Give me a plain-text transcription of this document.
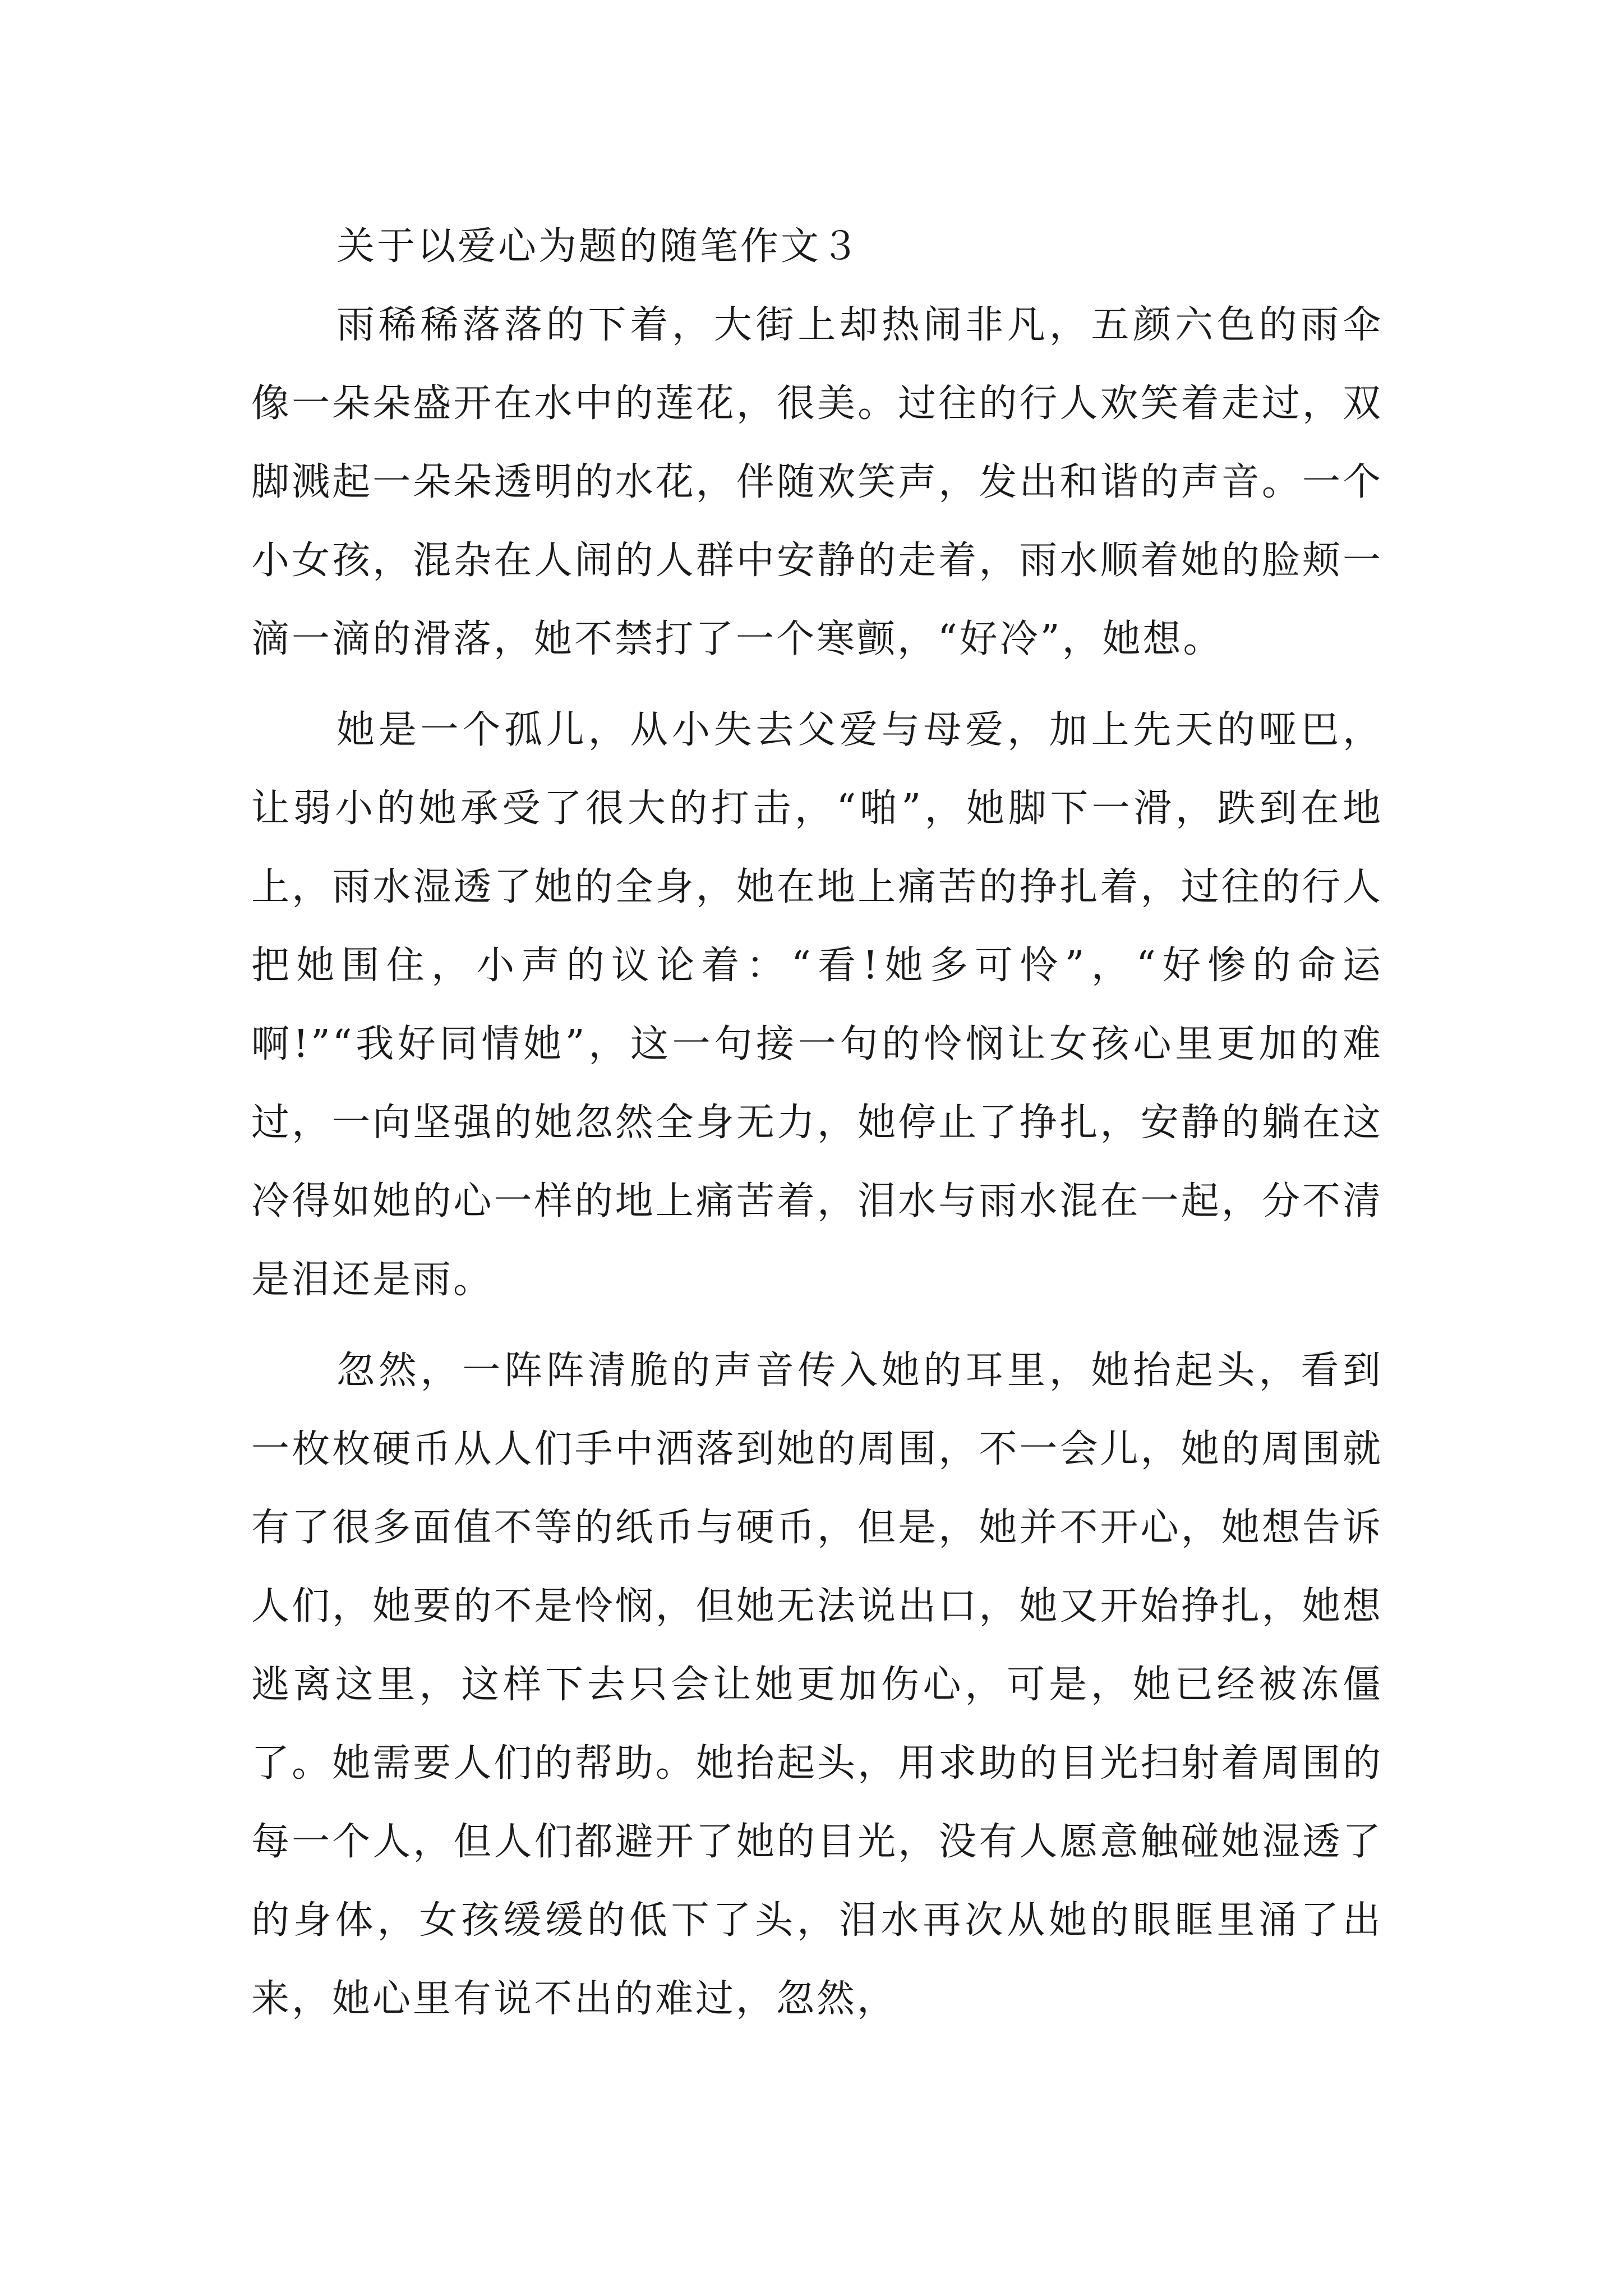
关于以爱心为题的随笔作文３

雨稀稀落落的下着，大街上却热闹非凡，五颜六色的雨伞像一朵朵盛开在水中的莲花，很美。过往的行人欢笑着走过，双脚溅起一朵朵透明的水花，伴随欢笑声，发出和谐的声音。一个小女孩，混杂在人闹的人群中安静的走着，雨水顺着她的脸颊一滴一滴的滑落，她不禁打了一个寒颤，“好冷”，她想。

她是一个孤儿，从小失去父爱与母爱，加上先天的哑巴，让弱小的她承受了很大的打击，“啪”，她脚下一滑，跌到在地上，雨水湿透了她的全身，她在地上痛苦的挣扎着，过往的行人把她围住，小声的议论着：“看!她多可怜”，“好惨的命运啊!”“我好同情她”，这一句接一句的怜悯让女孩心里更加的难过，一向坚强的她忽然全身无力，她停止了挣扎，安静的躺在这冷得如她的心一样的地上痛苦着，泪水与雨水混在一起，分不清是泪还是雨。

忽然，一阵阵清脆的声音传入她的耳里，她抬起头，看到一枚枚硬币从人们手中洒落到她的周围，不一会儿，她的周围就有了很多面值不等的纸币与硬币，但是，她并不开心，她想告诉人们，她要的不是怜悯，但她无法说出口，她又开始挣扎，她想逃离这里，这样下去只会让她更加伤心，可是，她已经被冻僵了。她需要人们的帮助。她抬起头，用求助的目光扫射着周围的每一个人，但人们都避开了她的目光，没有人愿意触碰她湿透了的身体，女孩缓缓的低下了头，泪水再次从她的眼眶里涌了出来，她心里有说不出的难过，忽然，
